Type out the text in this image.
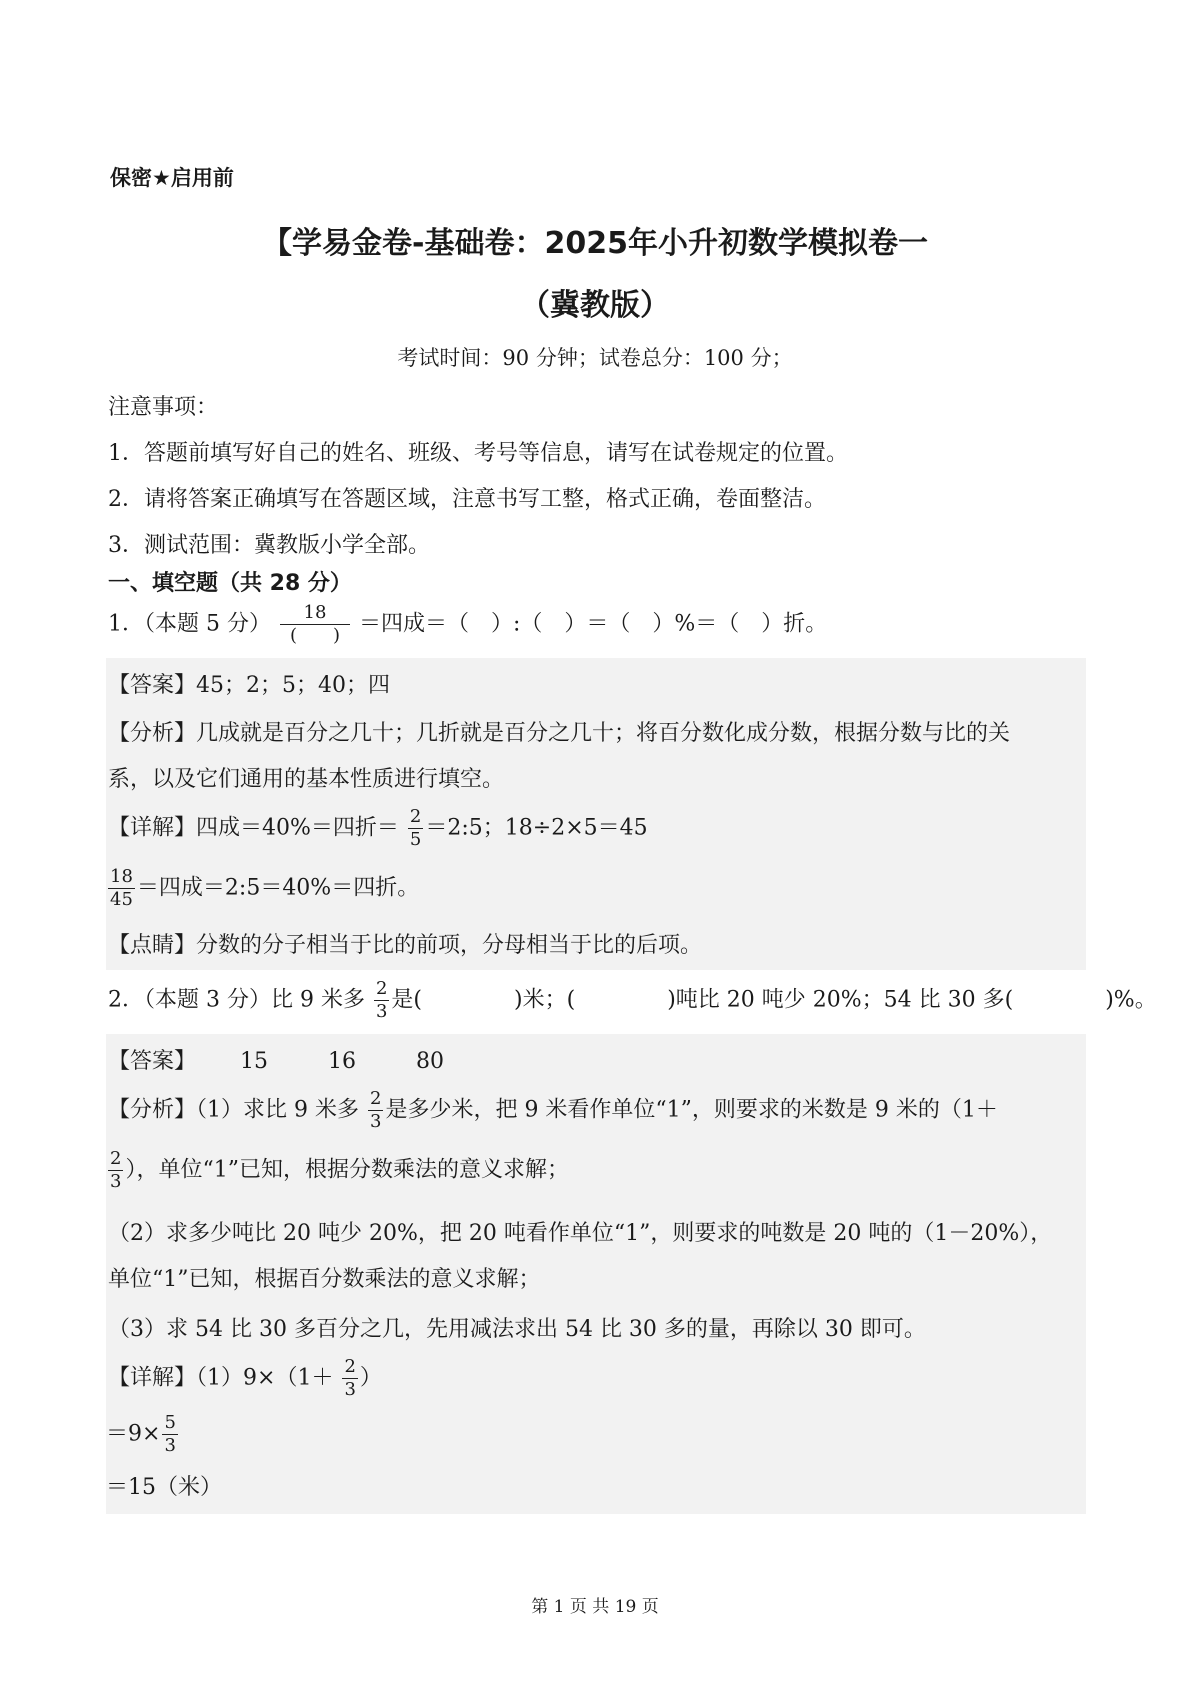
保密★启用前
【学易金卷-基础卷：2025年小升初数学模拟卷一
（冀教版）
考试时间：90 分钟；试卷总分：100 分；
注意事项：
1．答题前填写好自己的姓名、班级、考号等信息，请写在试卷规定的位置。
2．请将答案正确填写在答题区域，注意书写工整，格式正确，卷面整洁。
3．测试范围：冀教版小学全部。
一、填空题（共 28 分）
1．（本题 5 分） $\frac{18}{( )}$ ＝四成＝（　）:（　）＝（　）%＝（　）折。
【答案】45；2；5；40；四
【分析】几成就是百分之几十；几折就是百分之几十；将百分数化成分数，根据分数与比的关
系，以及它们通用的基本性质进行填空。
【详解】四成＝40%＝四折＝ $\frac{2}{5}$ ＝2:5；18÷2×5＝45
$\frac{18}{45}$ ＝四成＝2:5＝40%＝四折。
【点睛】分数的分子相当于比的前项，分母相当于比的后项。
2．（本题 3 分）比 9 米多 $\frac{2}{3}$ 是(	)米；(	)吨比 20 吨少 20%；54 比 30 多(	)%。
【答案】 15	16	80
【分析】（1）求比 9 米多 $\frac{2}{3}$ 是多少米，把 9 米看作单位“1”，则要求的米数是 9 米的（1＋
$\frac{2}{3}$ ），单位“1”已知，根据分数乘法的意义求解；
（2）求多少吨比 20 吨少 20%，把 20 吨看作单位“1”，则要求的吨数是 20 吨的（1－20%），
单位“1”已知，根据百分数乘法的意义求解；
（3）求 54 比 30 多百分之几，先用减法求出 54 比 30 多的量，再除以 30 即可。
【详解】$(1)9\times(1+ \frac{2}{3}$ ）
$=9\times \frac{5}{3}$
＝15（米）
第 1 页 共 19 页
